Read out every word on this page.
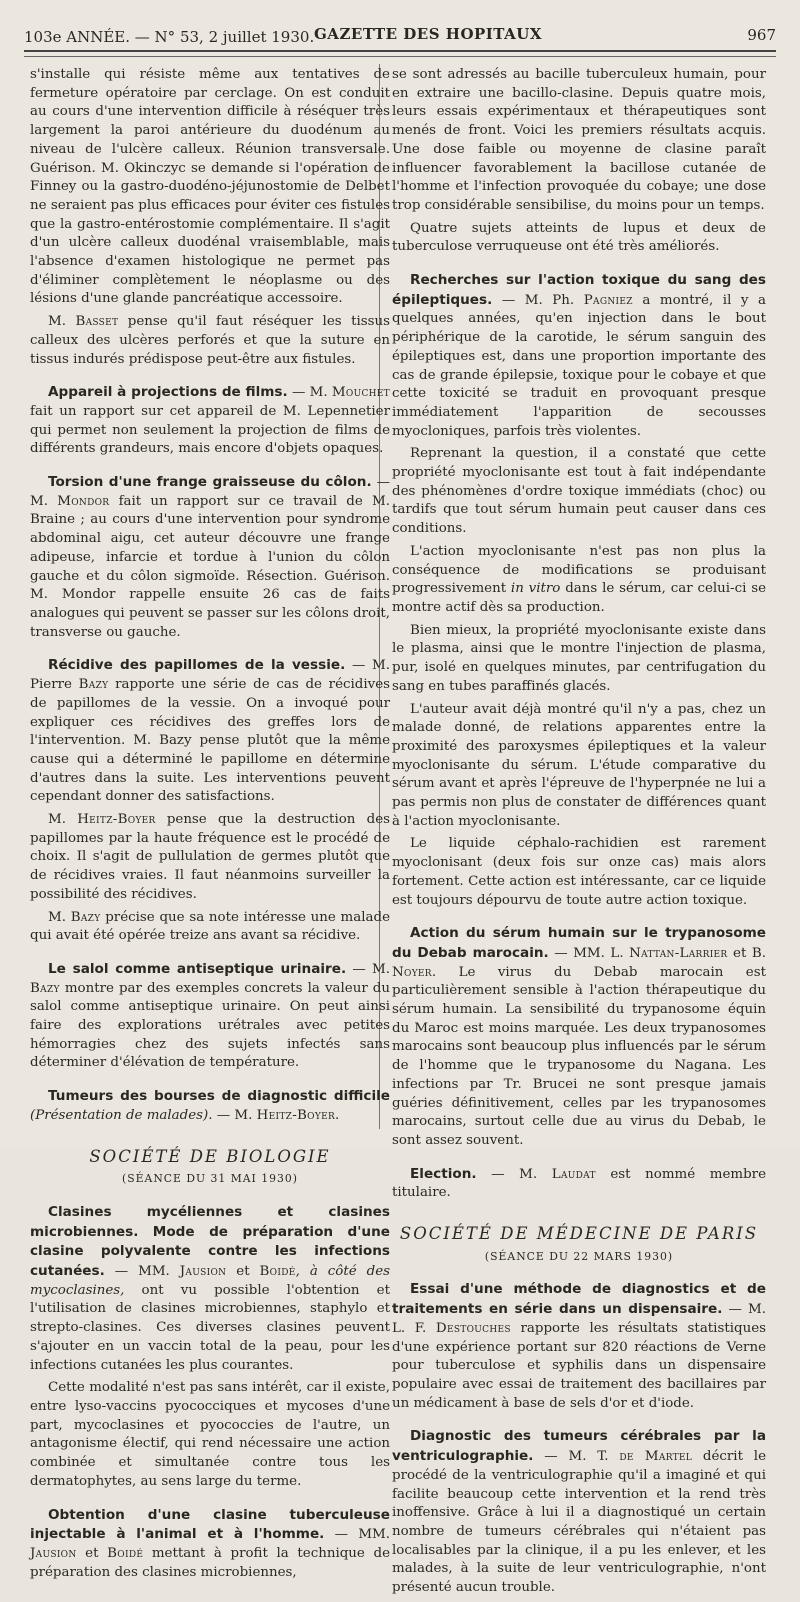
103e ANNÉE. — N° 53, 2 juillet 1930. GAZETTE DES HOPITAUX	967

s'installe qui résiste même aux tentatives de fermeture opératoire par cerclage. On est conduit au cours d'une intervention difficile à réséquer très largement la paroi antérieure du duodénum au niveau de l'ulcère calleux. Réunion transversale. Guérison. M. Okinczyc se demande si l'opération de Finney ou la gastro-duodéno-jéjunostomie de Delbet ne seraient pas plus efficaces pour éviter ces fistules que la gastro-entérostomie complémentaire. Il s'agit d'un ulcère calleux duodénal vraisemblable, mais l'absence d'examen histologique ne permet pas d'éliminer complètement le néoplasme ou des lésions d'une glande pancréatique accessoire.

M. Basset pense qu'il faut réséquer les tissus calleux des ulcères perforés et que la suture en tissus indurés prédispose peut-être aux fistules.

Appareil à projections de films. — M. Mouchet fait un rapport sur cet appareil de M. Lepennetier qui permet non seulement la projection de films de différents grandeurs, mais encore d'objets opaques.

Torsion d'une frange graisseuse du côlon. — M. Mondor fait un rapport sur ce travail de M. Braine ; au cours d'une intervention pour syndrome abdominal aigu, cet auteur découvre une frange adipeuse, infarcie et tordue à l'union du côlon gauche et du côlon sigmoïde. Résection. Guérison. M. Mondor rappelle ensuite 26 cas de faits analogues qui peuvent se passer sur les côlons droit, transverse ou gauche.

Récidive des papillomes de la vessie. — M. Pierre Bazy rapporte une série de cas de récidives de papillomes de la vessie. On a invoqué pour expliquer ces récidives des greffes lors de l'intervention. M. Bazy pense plutôt que la même cause qui a déterminé le papillome en détermine d'autres dans la suite. Les interventions peuvent cependant donner des satisfactions.

M. Heitz-Boyer pense que la destruction des papillomes par la haute fréquence est le procédé de choix. Il s'agit de pullulation de germes plutôt que de récidives vraies. Il faut néanmoins surveiller la possibilité des récidives.

M. Bazy précise que sa note intéresse une malade qui avait été opérée treize ans avant sa récidive.

Le salol comme antiseptique urinaire. — M. Bazy montre par des exemples concrets la valeur du salol comme antiseptique urinaire. On peut ainsi faire des explorations urétrales avec petites hémorragies chez des sujets infectés sans déterminer d'élévation de température.

Tumeurs des bourses de diagnostic difficile (Présentation de malades). — M. Heitz-Boyer.

SOCIÉTÉ DE BIOLOGIE
(SÉANCE DU 31 MAI 1930)

Clasines mycéliennes et clasines microbiennes. Mode de préparation d'une clasine polyvalente contre les infections cutanées. — MM. Jausion et Boidé, à côté des mycoclasines, ont vu possible l'obtention et l'utilisation de clasines microbiennes, staphylo et strepto-clasines. Ces diverses clasines peuvent s'ajouter en un vaccin total de la peau, pour les infections cutanées les plus courantes.

Cette modalité n'est pas sans intérêt, car il existe, entre lyso-vaccins pyococciques et mycoses d'une part, mycoclasines et pyococcies de l'autre, un antagonisme électif, qui rend nécessaire une action combinée et simultanée contre tous les dermatophytes, au sens large du terme.

Obtention d'une clasine tuberculeuse injectable à l'animal et à l'homme. — MM. Jausion et Boidé mettant à profit la technique de préparation des clasines microbiennes,

se sont adressés au bacille tuberculeux humain, pour en extraire une bacillo-clasine. Depuis quatre mois, leurs essais expérimentaux et thérapeutiques sont menés de front. Voici les premiers résultats acquis. Une dose faible ou moyenne de clasine paraît influencer favorablement la bacillose cutanée de l'homme et l'infection provoquée du cobaye; une dose trop considérable sensibilise, du moins pour un temps.

Quatre sujets atteints de lupus et deux de tuberculose verruqueuse ont été très améliorés.

Recherches sur l'action toxique du sang des épileptiques. — M. Ph. Pagniez a montré, il y a quelques années, qu'en injection dans le bout périphérique de la carotide, le sérum sanguin des épileptiques est, dans une proportion importante des cas de grande épilepsie, toxique pour le cobaye et que cette toxicité se traduit en provoquant presque immédiatement l'apparition de secousses myocloniques, parfois très violentes.

Reprenant la question, il a constaté que cette propriété myoclonisante est tout à fait indépendante des phénomènes d'ordre toxique immédiats (choc) ou tardifs que tout sérum humain peut causer dans ces conditions.

L'action myoclonisante n'est pas non plus la conséquence de modifications se produisant progressivement in vitro dans le sérum, car celui-ci se montre actif dès sa production.

Bien mieux, la propriété myoclonisante existe dans le plasma, ainsi que le montre l'injection de plasma, pur, isolé en quelques minutes, par centrifugation du sang en tubes paraffinés glacés.

L'auteur avait déjà montré qu'il n'y a pas, chez un malade donné, de relations apparentes entre la proximité des paroxysmes épileptiques et la valeur myoclonisante du sérum. L'étude comparative du sérum avant et après l'épreuve de l'hyperpnée ne lui a pas permis non plus de constater de différences quant à l'action myoclonisante.

Le liquide céphalo-rachidien est rarement myoclonisant (deux fois sur onze cas) mais alors fortement. Cette action est intéressante, car ce liquide est toujours dépourvu de toute autre action toxique.

Action du sérum humain sur le trypanosome du Debab marocain. — MM. L. Nattan-Larrier et B. Noyer. Le virus du Debab marocain est particulièrement sensible à l'action thérapeutique du sérum humain. La sensibilité du trypanosome équin du Maroc est moins marquée. Les deux trypanosomes marocains sont beaucoup plus influencés par le sérum de l'homme que le trypanosome du Nagana. Les infections par Tr. Brucei ne sont presque jamais guéries définitivement, celles par les trypanosomes marocains, surtout celle due au virus du Debab, le sont assez souvent.

Election. — M. Laudat est nommé membre titulaire.

SOCIÉTÉ DE MÉDECINE DE PARIS
(SÉANCE DU 22 MARS 1930)

Essai d'une méthode de diagnostics et de traitements en série dans un dispensaire. — M. L. F. Destouches rapporte les résultats statistiques d'une expérience portant sur 820 réactions de Verne pour tuberculose et syphilis dans un dispensaire populaire avec essai de traitement des bacillaires par un médicament à base de sels d'or et d'iode.

Diagnostic des tumeurs cérébrales par la ventriculographie. — M. T. de Martel décrit le procédé de la ventriculographie qu'il a imaginé et qui facilite beaucoup cette intervention et la rend très inoffensive. Grâce à lui il a diagnostiqué un certain nombre de tumeurs cérébrales qui n'étaient pas localisables par la clinique, il a pu les enlever, et les malades, à la suite de leur ventriculographie, n'ont présenté aucun trouble.
